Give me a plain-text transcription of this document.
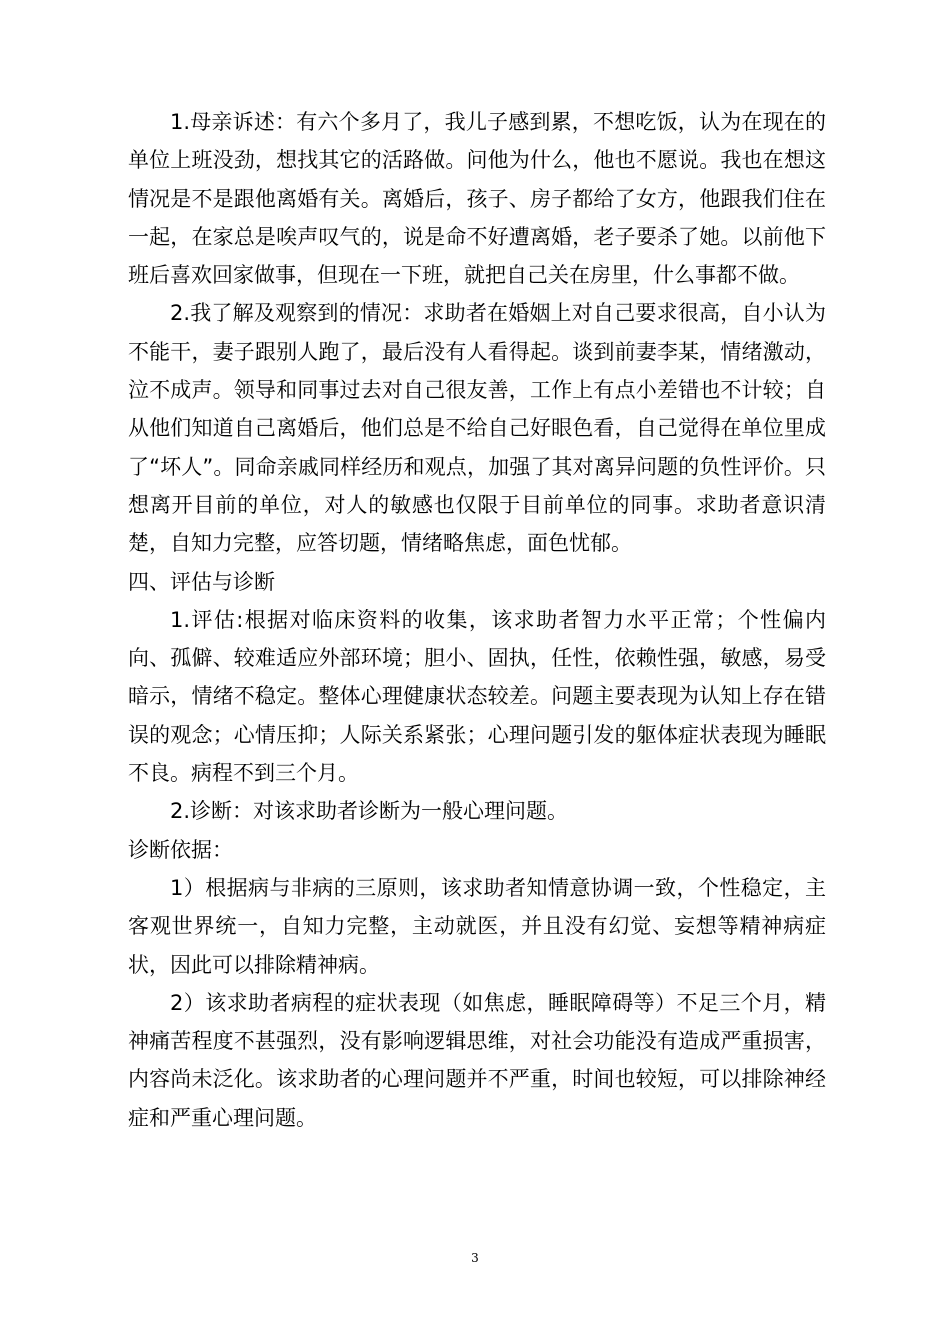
1.母亲诉述：有六个多月了，我儿子感到累，不想吃饭，认为在现在的单位上班没劲，想找其它的活路做。问他为什么，他也不愿说。我也在想这情况是不是跟他离婚有关。离婚后，孩子、房子都给了女方，他跟我们住在一起，在家总是唉声叹气的，说是命不好遭离婚，老子要杀了她。以前他下班后喜欢回家做事，但现在一下班，就把自己关在房里，什么事都不做。

2.我了解及观察到的情况：求助者在婚姻上对自己要求很高，自小认为不能干，妻子跟别人跑了，最后没有人看得起。谈到前妻李某，情绪激动，泣不成声。领导和同事过去对自己很友善，工作上有点小差错也不计较；自从他们知道自己离婚后，他们总是不给自己好眼色看，自己觉得在单位里成了“坏人”。同命亲戚同样经历和观点，加强了其对离异问题的负性评价。只想离开目前的单位，对人的敏感也仅限于目前单位的同事。求助者意识清楚，自知力完整，应答切题，情绪略焦虑，面色忧郁。

四、评估与诊断

1.评估:根据对临床资料的收集，该求助者智力水平正常；个性偏内向、孤僻、较难适应外部环境；胆小、固执，任性，依赖性强，敏感，易受暗示，情绪不稳定。整体心理健康状态较差。问题主要表现为认知上存在错误的观念；心情压抑；人际关系紧张；心理问题引发的躯体症状表现为睡眠不良。病程不到三个月。

2.诊断：对该求助者诊断为一般心理问题。

诊断依据：

1）根据病与非病的三原则，该求助者知情意协调一致，个性稳定，主客观世界统一，自知力完整，主动就医，并且没有幻觉、妄想等精神病症状，因此可以排除精神病。

2）该求助者病程的症状表现（如焦虑，睡眠障碍等）不足三个月，精神痛苦程度不甚强烈，没有影响逻辑思维，对社会功能没有造成严重损害，内容尚未泛化。该求助者的心理问题并不严重，时间也较短，可以排除神经症和严重心理问题。

3
